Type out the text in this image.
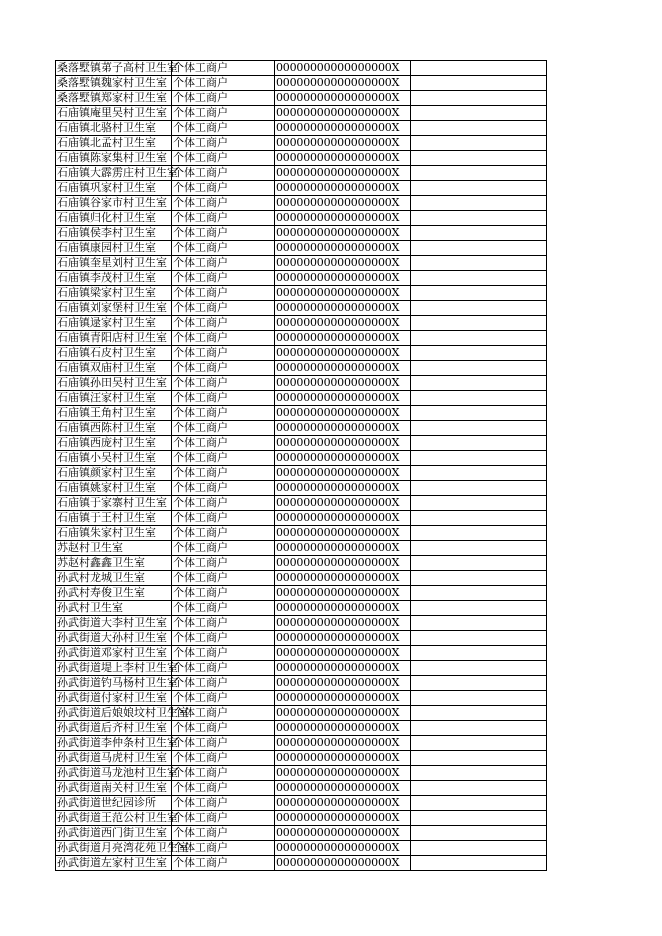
桑落墅镇苐子高村卫生室	个体工商户	00000000000000000X	
桑落墅镇魏家村卫生室	个体工商户	00000000000000000X	
桑落墅镇郑家村卫生室	个体工商户	00000000000000000X	
石庙镇庵里吴村卫生室	个体工商户	00000000000000000X	
石庙镇北骆村卫生室	个体工商户	00000000000000000X	
石庙镇北孟村卫生室	个体工商户	00000000000000000X	
石庙镇陈家集村卫生室	个体工商户	00000000000000000X	
石庙镇大霹雳庄村卫生室	个体工商户	00000000000000000X	
石庙镇巩家村卫生室	个体工商户	00000000000000000X	
石庙镇谷家市村卫生室	个体工商户	00000000000000000X	
石庙镇归化村卫生室	个体工商户	00000000000000000X	
石庙镇侯李村卫生室	个体工商户	00000000000000000X	
石庙镇康园村卫生室	个体工商户	00000000000000000X	
石庙镇奎星刘村卫生室	个体工商户	00000000000000000X	
石庙镇李茂村卫生室	个体工商户	00000000000000000X	
石庙镇梁家村卫生室	个体工商户	00000000000000000X	
石庙镇刘家堡村卫生室	个体工商户	00000000000000000X	
石庙镇逯家村卫生室	个体工商户	00000000000000000X	
石庙镇青阳店村卫生室	个体工商户	00000000000000000X	
石庙镇石皮村卫生室	个体工商户	00000000000000000X	
石庙镇双庙村卫生室	个体工商户	00000000000000000X	
石庙镇孙田吴村卫生室	个体工商户	00000000000000000X	
石庙镇汪家村卫生室	个体工商户	00000000000000000X	
石庙镇王角村卫生室	个体工商户	00000000000000000X	
石庙镇西陈村卫生室	个体工商户	00000000000000000X	
石庙镇西庞村卫生室	个体工商户	00000000000000000X	
石庙镇小吴村卫生室	个体工商户	00000000000000000X	
石庙镇颜家村卫生室	个体工商户	00000000000000000X	
石庙镇姚家村卫生室	个体工商户	00000000000000000X	
石庙镇于家寨村卫生室	个体工商户	00000000000000000X	
石庙镇于王村卫生室	个体工商户	00000000000000000X	
石庙镇朱家村卫生室	个体工商户	00000000000000000X	
苏赵村卫生室	个体工商户	00000000000000000X	
苏赵村鑫鑫卫生室	个体工商户	00000000000000000X	
孙武村龙城卫生室	个体工商户	00000000000000000X	
孙武村寿俊卫生室	个体工商户	00000000000000000X	
孙武村卫生室	个体工商户	00000000000000000X	
孙武街道大李村卫生室	个体工商户	00000000000000000X	
孙武街道大孙村卫生室	个体工商户	00000000000000000X	
孙武街道邓家村卫生室	个体工商户	00000000000000000X	
孙武街道堤上李村卫生室	个体工商户	00000000000000000X	
孙武街道钓马杨村卫生室	个体工商户	00000000000000000X	
孙武街道付家村卫生室	个体工商户	00000000000000000X	
孙武街道后娘娘坟村卫生室	个体工商户	00000000000000000X	
孙武街道后齐村卫生室	个体工商户	00000000000000000X	
孙武街道李仲条村卫生室	个体工商户	00000000000000000X	
孙武街道马虎村卫生室	个体工商户	00000000000000000X	
孙武街道马龙池村卫生室	个体工商户	00000000000000000X	
孙武街道南关村卫生室	个体工商户	00000000000000000X	
孙武街道世纪园诊所	个体工商户	00000000000000000X	
孙武街道王范公村卫生室	个体工商户	00000000000000000X	
孙武街道西门街卫生室	个体工商户	00000000000000000X	
孙武街道月亮湾花苑卫生室	个体工商户	00000000000000000X	
孙武街道左家村卫生室	个体工商户	00000000000000000X	
